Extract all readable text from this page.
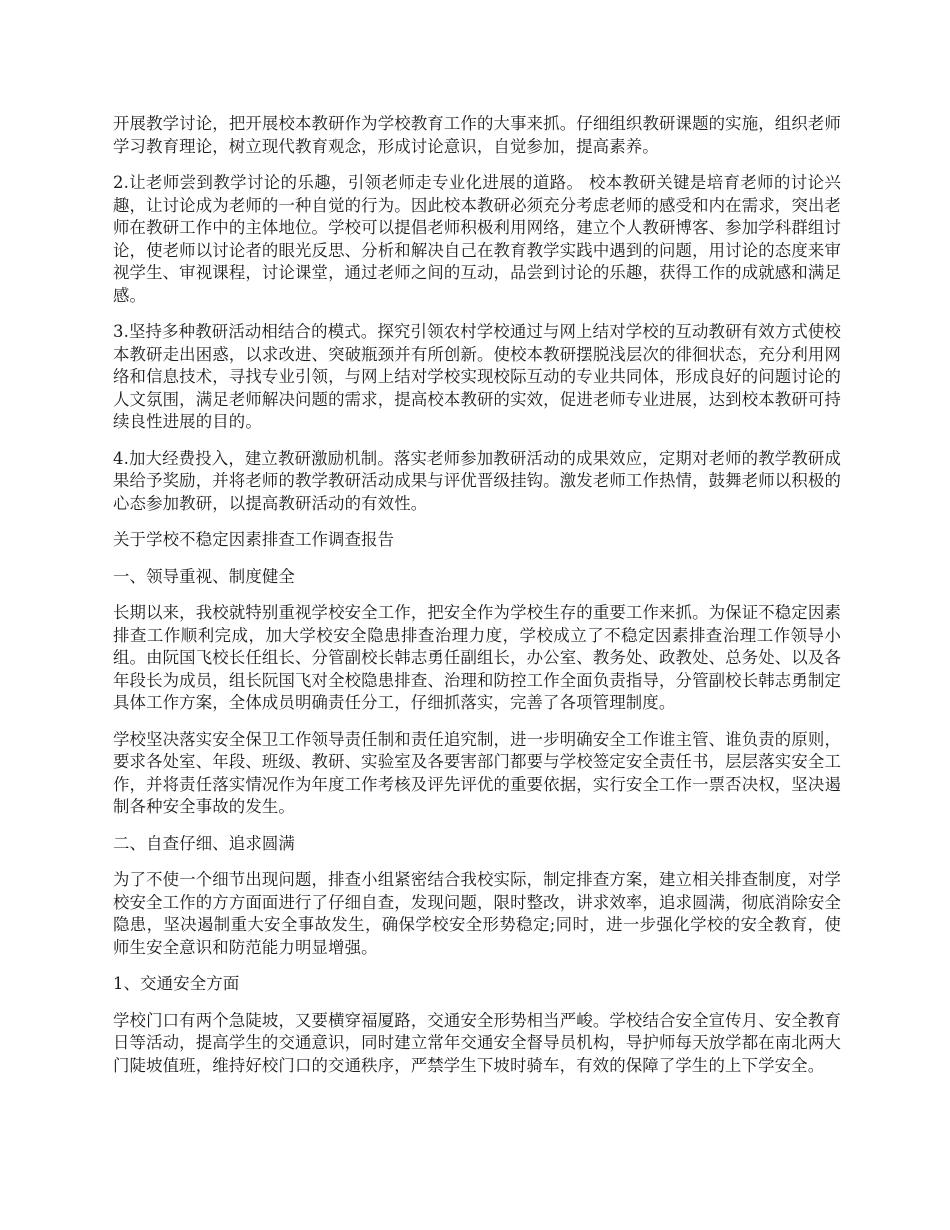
开展教学讨论，把开展校本教研作为学校教育工作的大事来抓。仔细组织教研课题的实施，组织老师学习教育理论，树立现代教育观念，形成讨论意识，自觉参加，提高素养。

2.让老师尝到教学讨论的乐趣，引领老师走专业化进展的道路。 校本教研关键是培育老师的讨论兴趣，让讨论成为老师的一种自觉的行为。因此校本教研必须充分考虑老师的感受和内在需求，突出老师在教研工作中的主体地位。学校可以提倡老师积极利用网络，建立个人教研博客、参加学科群组讨论，使老师以讨论者的眼光反思、分析和解决自己在教育教学实践中遇到的问题，用讨论的态度来审视学生、审视课程，讨论课堂，通过老师之间的互动，品尝到讨论的乐趣，获得工作的成就感和满足感。

3.坚持多种教研活动相结合的模式。探究引领农村学校通过与网上结对学校的互动教研有效方式使校本教研走出困惑，以求改进、突破瓶颈并有所创新。使校本教研摆脱浅层次的徘徊状态，充分利用网络和信息技术，寻找专业引领，与网上结对学校实现校际互动的专业共同体，形成良好的问题讨论的人文氛围，满足老师解决问题的需求，提高校本教研的实效，促进老师专业进展，达到校本教研可持续良性进展的目的。

4.加大经费投入，建立教研激励机制。落实老师参加教研活动的成果效应，定期对老师的教学教研成果给予奖励，并将老师的教学教研活动成果与评优晋级挂钩。激发老师工作热情，鼓舞老师以积极的心态参加教研，以提高教研活动的有效性。

关于学校不稳定因素排查工作调查报告

一、领导重视、制度健全

长期以来，我校就特别重视学校安全工作，把安全作为学校生存的重要工作来抓。为保证不稳定因素排查工作顺利完成，加大学校安全隐患排查治理力度，学校成立了不稳定因素排查治理工作领导小组。由阮国飞校长任组长、分管副校长韩志勇任副组长，办公室、教务处、政教处、总务处、以及各年段长为成员，组长阮国飞对全校隐患排查、治理和防控工作全面负责指导，分管副校长韩志勇制定具体工作方案，全体成员明确责任分工，仔细抓落实，完善了各项管理制度。

学校坚决落实安全保卫工作领导责任制和责任追究制，进一步明确安全工作谁主管、谁负责的原则，要求各处室、年段、班级、教研、实验室及各要害部门都要与学校签定安全责任书，层层落实安全工作，并将责任落实情况作为年度工作考核及评先评优的重要依据，实行安全工作一票否决权，坚决遏制各种安全事故的发生。

二、自查仔细、追求圆满

为了不使一个细节出现问题，排查小组紧密结合我校实际，制定排查方案，建立相关排查制度，对学校安全工作的方方面面进行了仔细自查，发现问题，限时整改，讲求效率，追求圆满，彻底消除安全隐患，坚决遏制重大安全事故发生，确保学校安全形势稳定;同时，进一步强化学校的安全教育，使师生安全意识和防范能力明显增强。

1、交通安全方面

学校门口有两个急陡坡，又要横穿福厦路，交通安全形势相当严峻。学校结合安全宣传月、安全教育日等活动，提高学生的交通意识，同时建立常年交通安全督导员机构，导护师每天放学都在南北两大门陡坡值班，维持好校门口的交通秩序，严禁学生下坡时骑车，有效的保障了学生的上下学安全。
